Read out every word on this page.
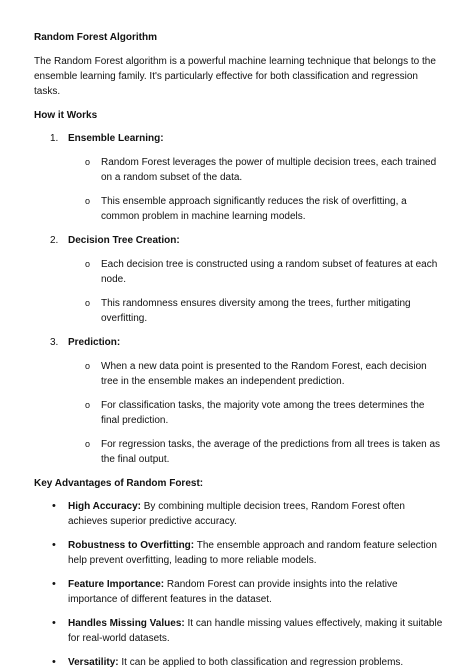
Random Forest Algorithm
The Random Forest algorithm is a powerful machine learning technique that belongs to the ensemble learning family. It's particularly effective for both classification and regression tasks.
How it Works
1. Ensemble Learning:
o Random Forest leverages the power of multiple decision trees, each trained on a random subset of the data.
o This ensemble approach significantly reduces the risk of overfitting, a common problem in machine learning models.
2. Decision Tree Creation:
o Each decision tree is constructed using a random subset of features at each node.
o This randomness ensures diversity among the trees, further mitigating overfitting.
3. Prediction:
o When a new data point is presented to the Random Forest, each decision tree in the ensemble makes an independent prediction.
o For classification tasks, the majority vote among the trees determines the final prediction.
o For regression tasks, the average of the predictions from all trees is taken as the final output.
Key Advantages of Random Forest:
• High Accuracy: By combining multiple decision trees, Random Forest often achieves superior predictive accuracy.
• Robustness to Overfitting: The ensemble approach and random feature selection help prevent overfitting, leading to more reliable models.
• Feature Importance: Random Forest can provide insights into the relative importance of different features in the dataset.
• Handles Missing Values: It can handle missing values effectively, making it suitable for real-world datasets.
• Versatility: It can be applied to both classification and regression problems.
